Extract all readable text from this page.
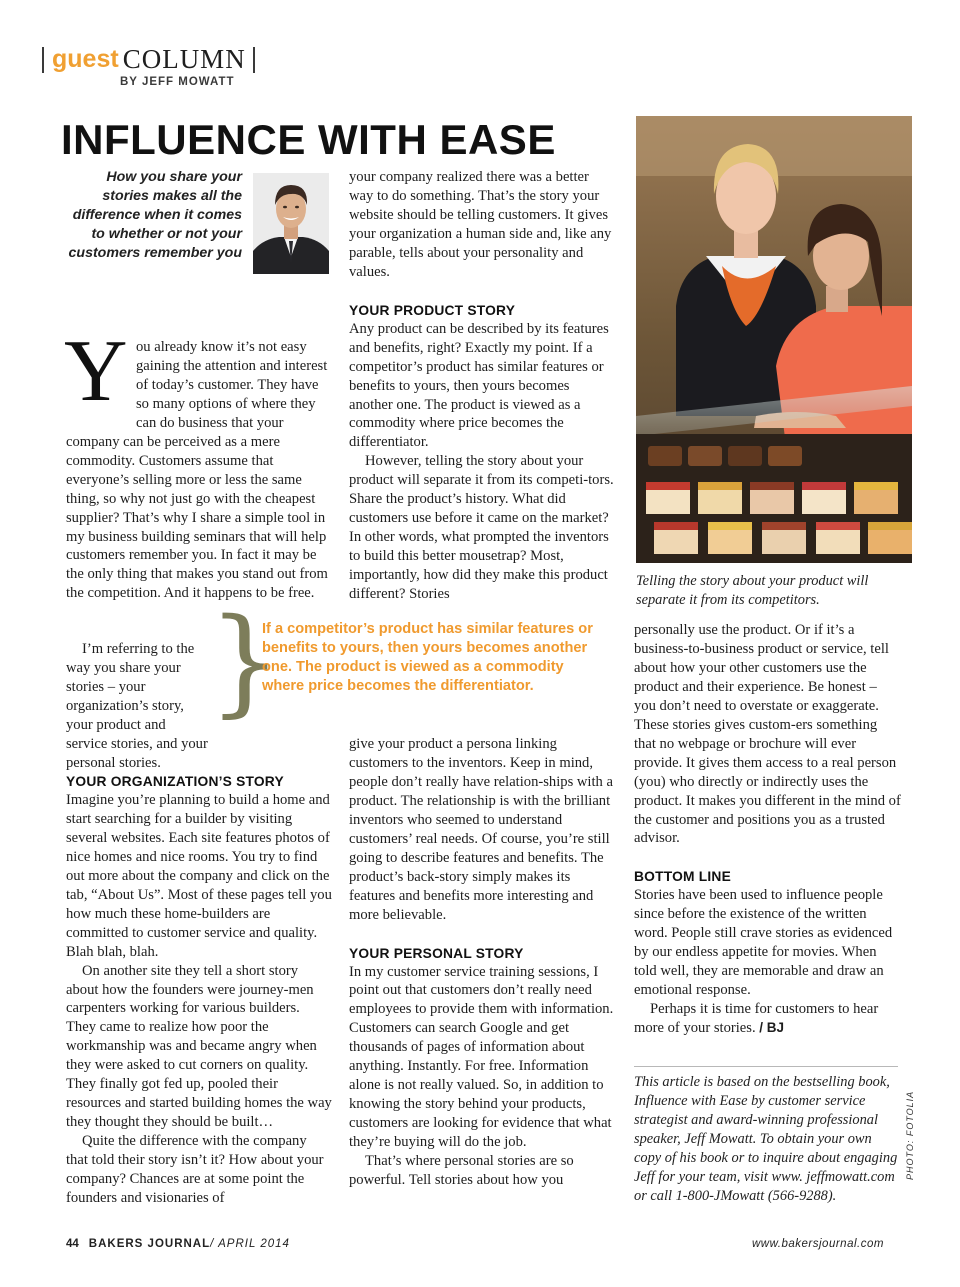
guest COLUMN
BY JEFF MOWATT
INFLUENCE WITH EASE
How you share your stories makes all the difference when it comes to whether or not your customers remember you
Y ou already know it’s not easy gaining the attention and interest of today’s customer. They have so many options of where they can do business that your company can be perceived as a mere commodity. Customers assume that everyone’s selling more or less the same thing, so why not just go with the cheapest supplier? That’s why I share a simple tool in my business building seminars that will help customers remember you. In fact it may be the only thing that makes you stand out from the competition. And it happens to be free.

I’m referring to the way you share your stories – your organization’s story, your product and service stories, and your personal stories.

YOUR ORGANIZATION’S STORY

Imagine you’re planning to build a home and start searching for a builder by visiting several websites. Each site features photos of nice homes and nice rooms. You try to find out more about the company and click on the tab, “About Us”. Most of these pages tell you how much these home-builders are committed to customer service and quality. Blah blah, blah.

On another site they tell a short story about how the founders were journey-men carpenters working for various builders. They came to realize how poor the workmanship was and became angry when they were asked to cut corners on quality. They finally got fed up, pooled their resources and started building homes the way they thought they should be built…

Quite the difference with the company that told their story isn’t it? How about your company? Chances are at some point the founders and visionaries of

your company realized there was a better way to do something. That’s the story your website should be telling customers. It gives your organization a human side and, like any parable, tells about your personality and values.

YOUR PRODUCT STORY

Any product can be described by its features and benefits, right? Exactly my point. If a competitor’s product has similar features or benefits to yours, then yours becomes another one. The product is viewed as a commodity where price becomes the differentiator.

However, telling the story about your product will separate it from its competi-tors. Share the product’s history. What did customers use before it came on the market? In other words, what prompted the inventors to build this better mousetrap? Most, importantly, how did they make this product different? Stories

}
If a competitor’s product has similar features or benefits to yours, then yours becomes another one. The product is viewed as a commodity where price becomes the differentiator.

give your product a persona linking customers to the inventors. Keep in mind, people don’t really have relation-ships with a product. The relationship is with the brilliant inventors who seemed to understand customers’ real needs. Of course, you’re still going to describe features and benefits. The product’s back-story simply makes its features and benefits more interesting and more believable.

YOUR PERSONAL STORY

In my customer service training sessions, I point out that customers don’t really need employees to provide them with information. Customers can search Google and get thousands of pages of information about anything. Instantly. For free. Information alone is not really valued. So, in addition to knowing the story behind your products, customers are looking for evidence that what they’re buying will do the job.

That’s where personal stories are so powerful. Tell stories about how you

Telling the story about your product will separate it from its competitors.

personally use the product. Or if it’s a business-to-business product or service, tell about how your other customers use the product and their experience. Be honest – you don’t need to overstate or exaggerate. These stories gives custom-ers something that no webpage or brochure will ever provide. It gives them access to a real person (you) who directly or indirectly uses the product. It makes you different in the mind of the customer and positions you as a trusted advisor.

BOTTOM LINE

Stories have been used to influence people since before the existence of the written word. People still crave stories as evidenced by our endless appetite for movies. When told well, they are memorable and draw an emotional response.

Perhaps it is time for customers to hear more of your stories. / BJ

This article is based on the bestselling book, Influence with Ease by customer service strategist and award-winning professional speaker, Jeff Mowatt. To obtain your own copy of his book or to inquire about engaging Jeff for your team, visit www. jeffmowatt.com or call 1-800-JMowatt (566-9288).
PHOTO: FOTOLIA
44 BAKERS JOURNAL/ APRIL 2014	www.bakersjournal.com
